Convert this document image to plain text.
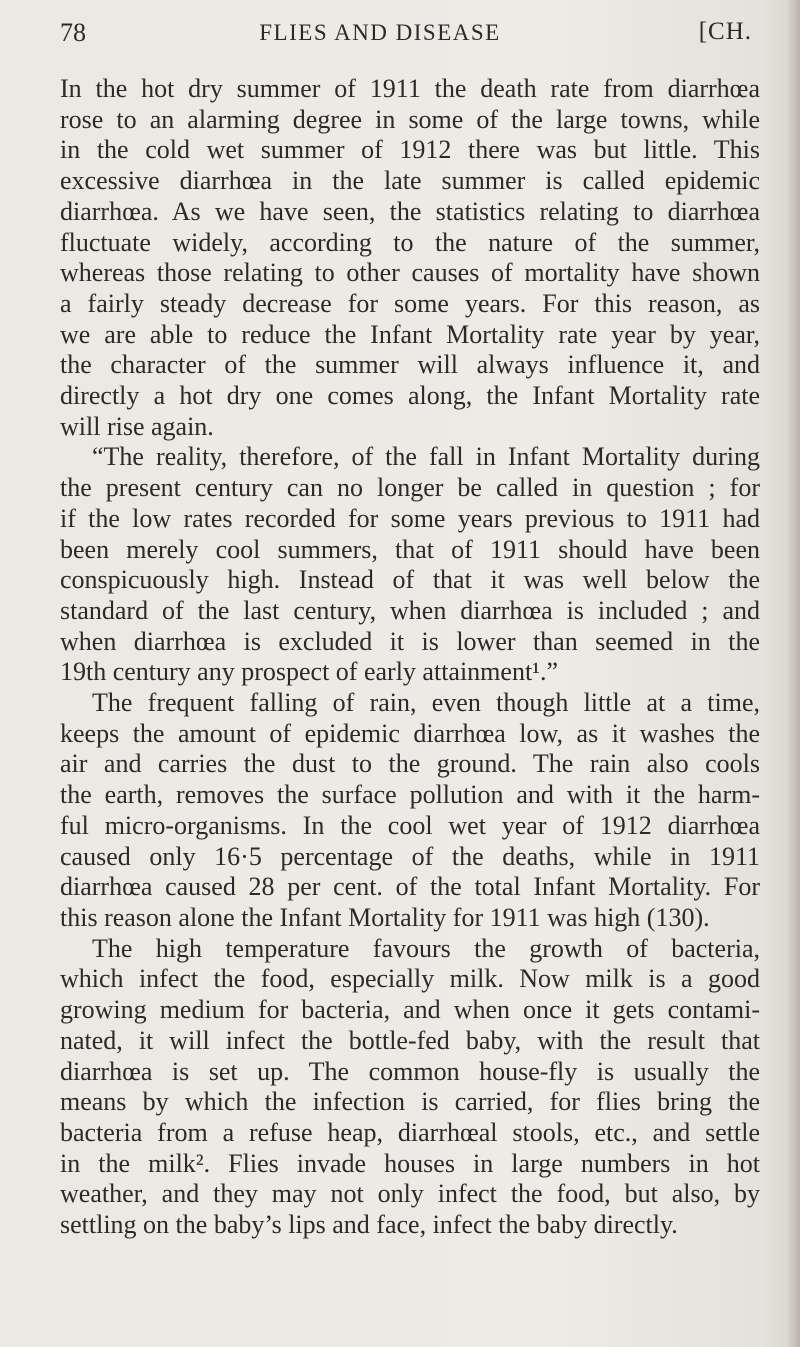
78	FLIES AND DISEASE	[CH.
In the hot dry summer of 1911 the death rate from diarrhœa
rose to an alarming degree in some of the large towns, while
in the cold wet summer of 1912 there was but little. This
excessive diarrhœa in the late summer is called epidemic
diarrhœa. As we have seen, the statistics relating to diarrhœa
fluctuate widely, according to the nature of the summer,
whereas those relating to other causes of mortality have shown
a fairly steady decrease for some years. For this reason, as
we are able to reduce the Infant Mortality rate year by year,
the character of the summer will always influence it, and
directly a hot dry one comes along, the Infant Mortality rate
will rise again.
“The reality, therefore, of the fall in Infant Mortality during
the present century can no longer be called in question ; for
if the low rates recorded for some years previous to 1911 had
been merely cool summers, that of 1911 should have been
conspicuously high. Instead of that it was well below the
standard of the last century, when diarrhœa is included ; and
when diarrhœa is excluded it is lower than seemed in the
19th century any prospect of early attainment¹.”
The frequent falling of rain, even though little at a time,
keeps the amount of epidemic diarrhœa low, as it washes the
air and carries the dust to the ground. The rain also cools
the earth, removes the surface pollution and with it the harm-
ful micro-organisms. In the cool wet year of 1912 diarrhœa
caused only 16·5 percentage of the deaths, while in 1911
diarrhœa caused 28 per cent. of the total Infant Mortality. For
this reason alone the Infant Mortality for 1911 was high (130).
The high temperature favours the growth of bacteria,
which infect the food, especially milk. Now milk is a good
growing medium for bacteria, and when once it gets contami-
nated, it will infect the bottle-fed baby, with the result that
diarrhœa is set up. The common house-fly is usually the
means by which the infection is carried, for flies bring the
bacteria from a refuse heap, diarrhœal stools, etc., and settle
in the milk². Flies invade houses in large numbers in hot
weather, and they may not only infect the food, but also, by
settling on the baby’s lips and face, infect the baby directly.
